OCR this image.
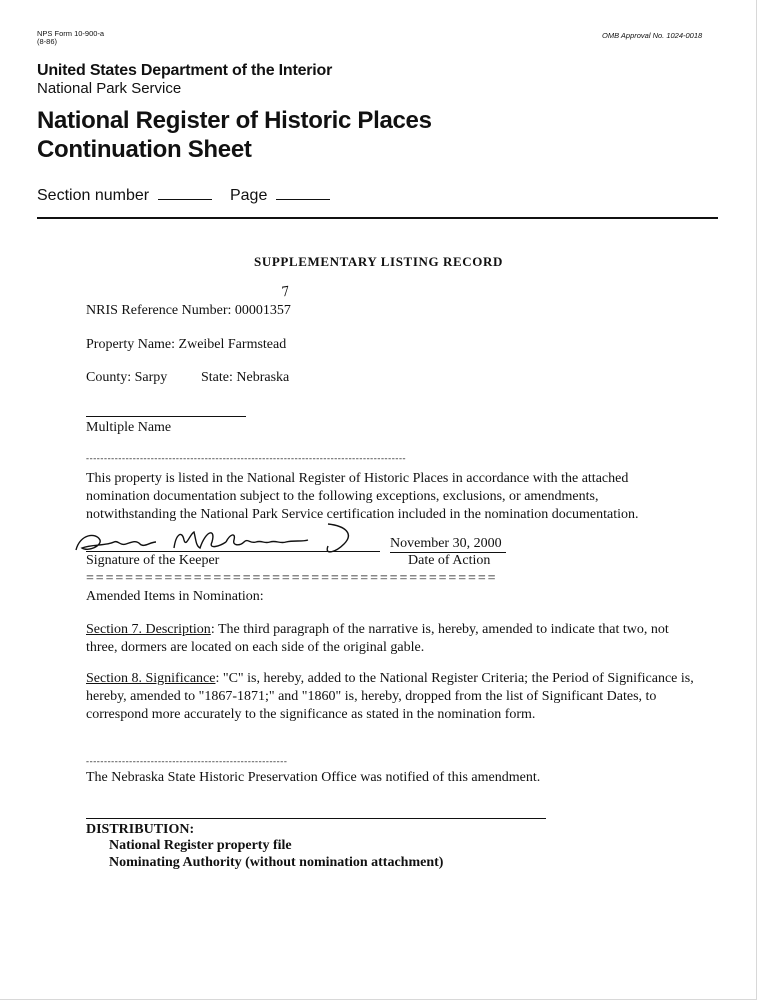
NPS Form 10-900-a
(8-86)
OMB Approval No. 1024-0018
United States Department of the Interior
National Park Service
National Register of Historic Places
Continuation Sheet
Section number	Page
SUPPLEMENTARY LISTING RECORD
NRIS Reference Number: 00001357
7
Property Name: Zweibel Farmstead
County: Sarpy State: Nebraska
Multiple Name
-----------------------------------------------------------------------------------------
This property is listed in the National Register of Historic Places in accordance with the attached nomination documentation subject to the following exceptions, exclusions, or amendments, notwithstanding the National Park Service certification included in the nomination documentation.
November 30, 2000
Signature of the Keeper	Date of Action
==========================================
Amended Items in Nomination:
Section 7. Description: The third paragraph of the narrative is, hereby, amended to indicate that two, not three, dormers are located on each side of the original gable.
Section 8. Significance: "C" is, hereby, added to the National Register Criteria; the Period of Significance is, hereby, amended to "1867-1871;" and "1860" is, hereby, dropped from the list of Significant Dates, to correspond more accurately to the significance as stated in the nomination form.
--------------------------------------------------------
The Nebraska State Historic Preservation Office was notified of this amendment.
DISTRIBUTION:
National Register property file
Nominating Authority (without nomination attachment)
